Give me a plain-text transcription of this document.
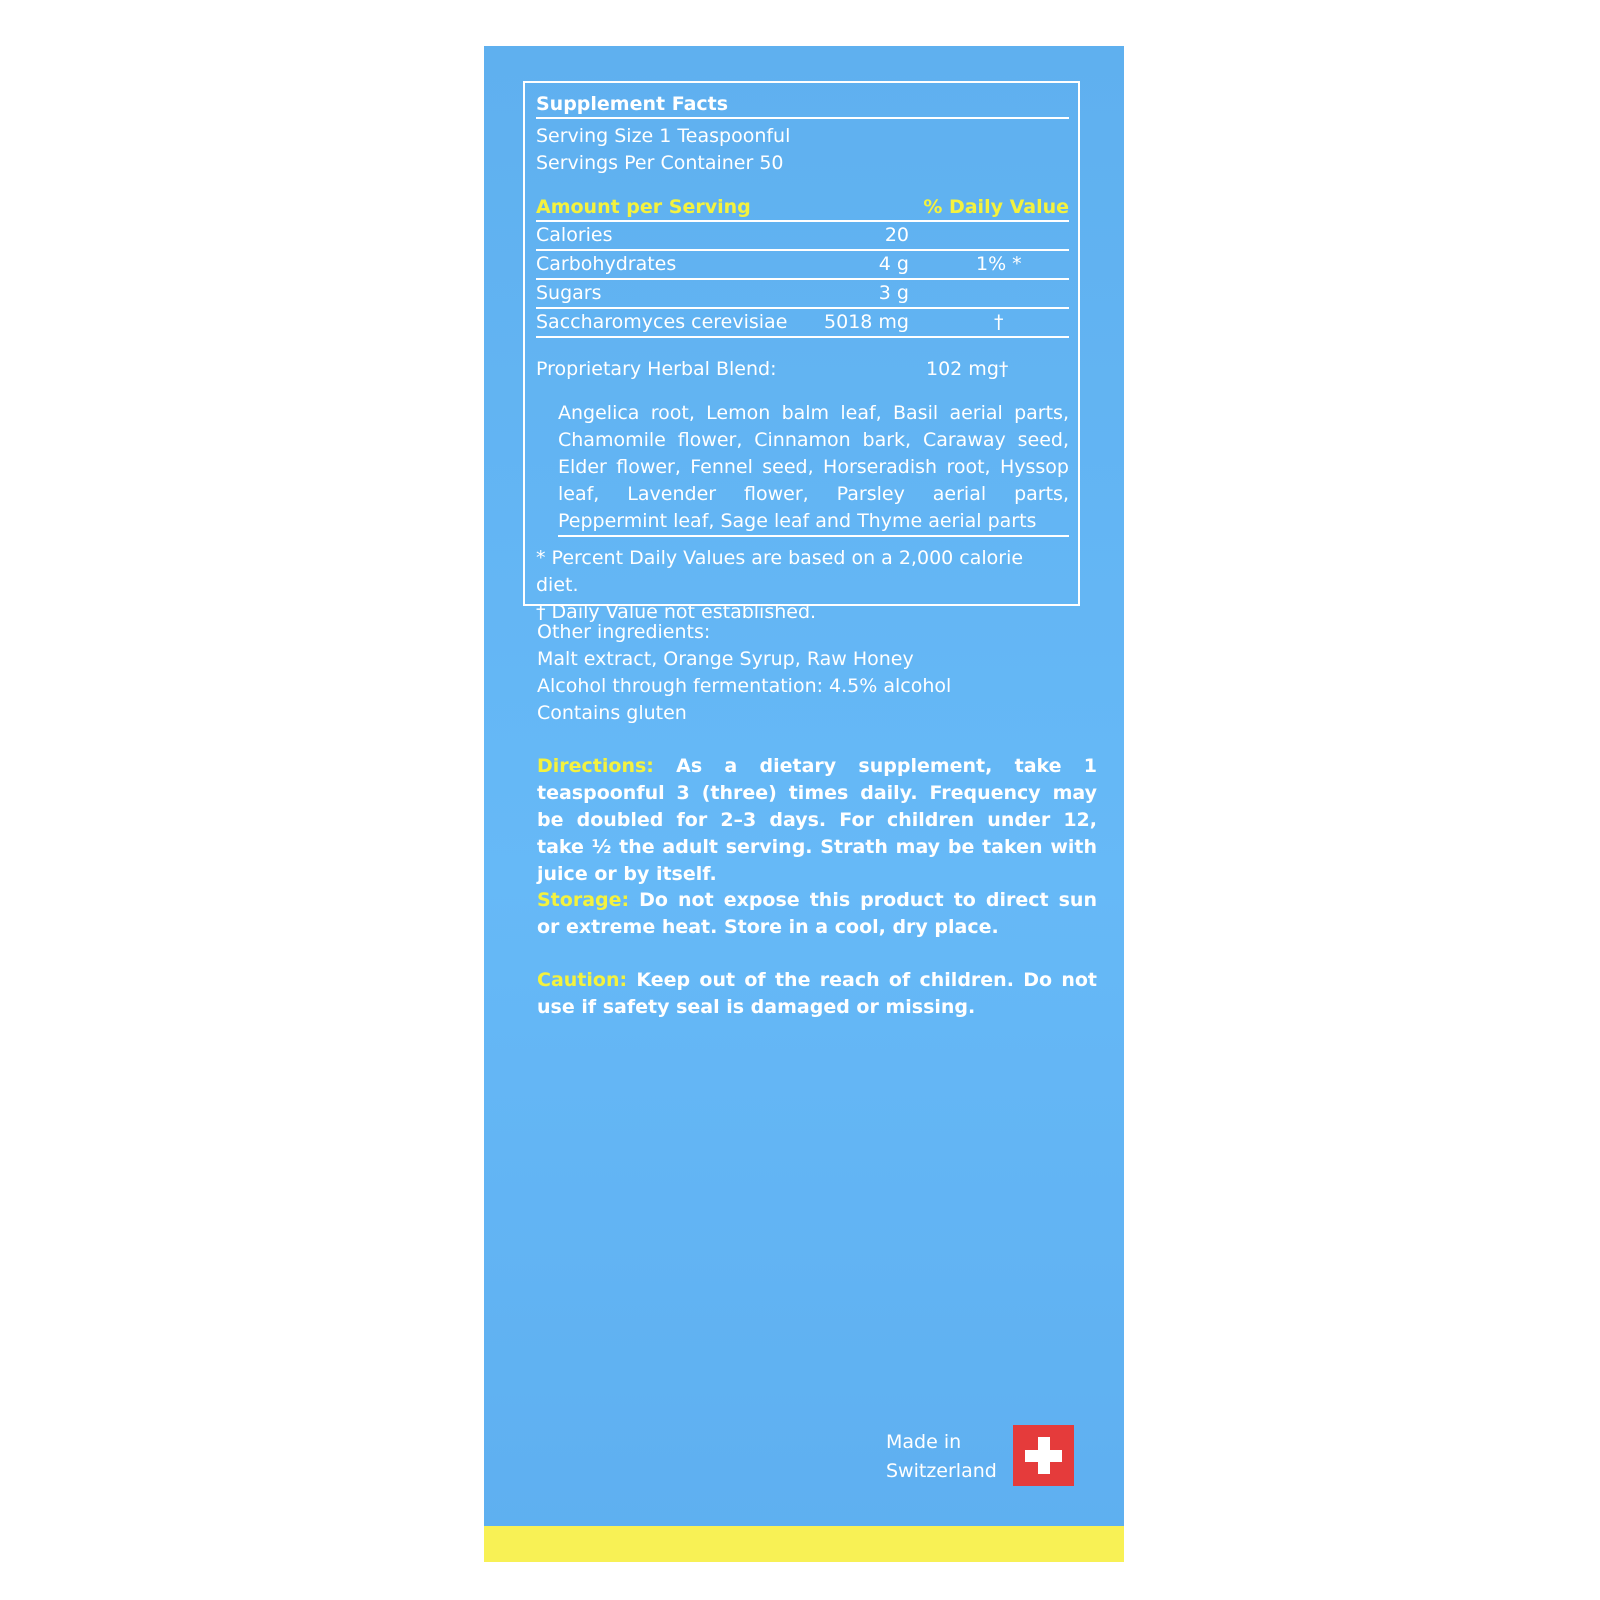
Supplement Facts
Serving Size 1 Teaspoonful
Servings Per Container 50
Amount per Serving	% Daily Value
Calories	20
Carbohydrates	4 g	1% *
Sugars	3 g
Saccharomyces cerevisiae 5018 mg	†
Proprietary Herbal Blend:	102 mg†
Angelica root, Lemon balm leaf, Basil aerial parts, Chamomile flower, Cinnamon bark, Caraway seed, Elder flower, Fennel seed, Horseradish root, Hyssop leaf, Lavender flower, Parsley aerial parts, Peppermint leaf, Sage leaf and Thyme aerial parts
* Percent Daily Values are based on a 2,000 calorie diet.
† Daily Value not established.
Other ingredients:
Malt extract, Orange Syrup, Raw Honey
Alcohol through fermentation: 4.5% alcohol
Contains gluten
Directions: As a dietary supplement, take 1 teaspoonful 3 (three) times daily. Frequency may be doubled for 2–3 days. For children under 12, take ½ the adult serving. Strath may be taken with juice or by itself.
Storage: Do not expose this product to direct sun or extreme heat. Store in a cool, dry place.
Caution: Keep out of the reach of children. Do not use if safety seal is damaged or missing.
Made in
Switzerland
